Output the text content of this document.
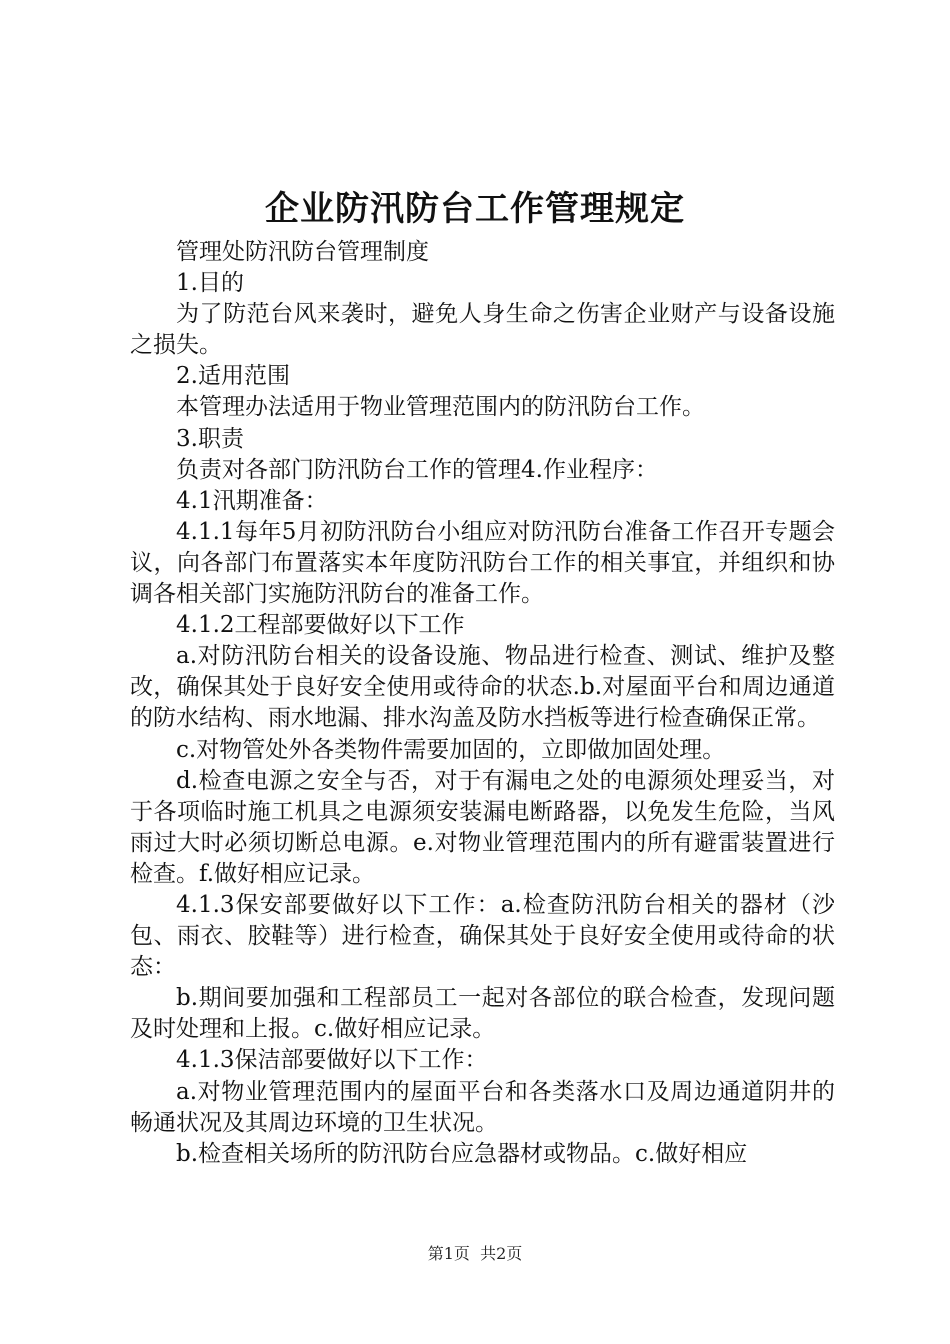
企业防汛防台工作管理规定

管理处防汛防台管理制度

1.目的

为了防范台风来袭时，避免人身生命之伤害企业财产与设备设施之损失。

2.适用范围

本管理办法适用于物业管理范围内的防汛防台工作。

3.职责

负责对各部门防汛防台工作的管理4.作业程序：

4.1汛期准备：

4.1.1每年5月初防汛防台小组应对防汛防台准备工作召开专题会议，向各部门布置落实本年度防汛防台工作的相关事宜，并组织和协调各相关部门实施防汛防台的准备工作。

4.1.2工程部要做好以下工作

a.对防汛防台相关的设备设施、物品进行检查、测试、维护及整改，确保其处于良好安全使用或待命的状态.b.对屋面平台和周边通道的防水结构、雨水地漏、排水沟盖及防水挡板等进行检查确保正常。

c.对物管处外各类物件需要加固的，立即做加固处理。

d.检查电源之安全与否，对于有漏电之处的电源须处理妥当，对于各项临时施工机具之电源须安装漏电断路器，以免发生危险，当风雨过大时必须切断总电源。e.对物业管理范围内的所有避雷装置进行检查。f.做好相应记录。

4.1.3保安部要做好以下工作：a.检查防汛防台相关的器材（沙包、雨衣、胶鞋等）进行检查，确保其处于良好安全使用或待命的状态：

b.期间要加强和工程部员工一起对各部位的联合检查，发现问题及时处理和上报。c.做好相应记录。

4.1.3保洁部要做好以下工作：

a.对物业管理范围内的屋面平台和各类落水口及周边通道阴井的畅通状况及其周边环境的卫生状况。

b.检查相关场所的防汛防台应急器材或物品。c.做好相应

第1页  共2页
